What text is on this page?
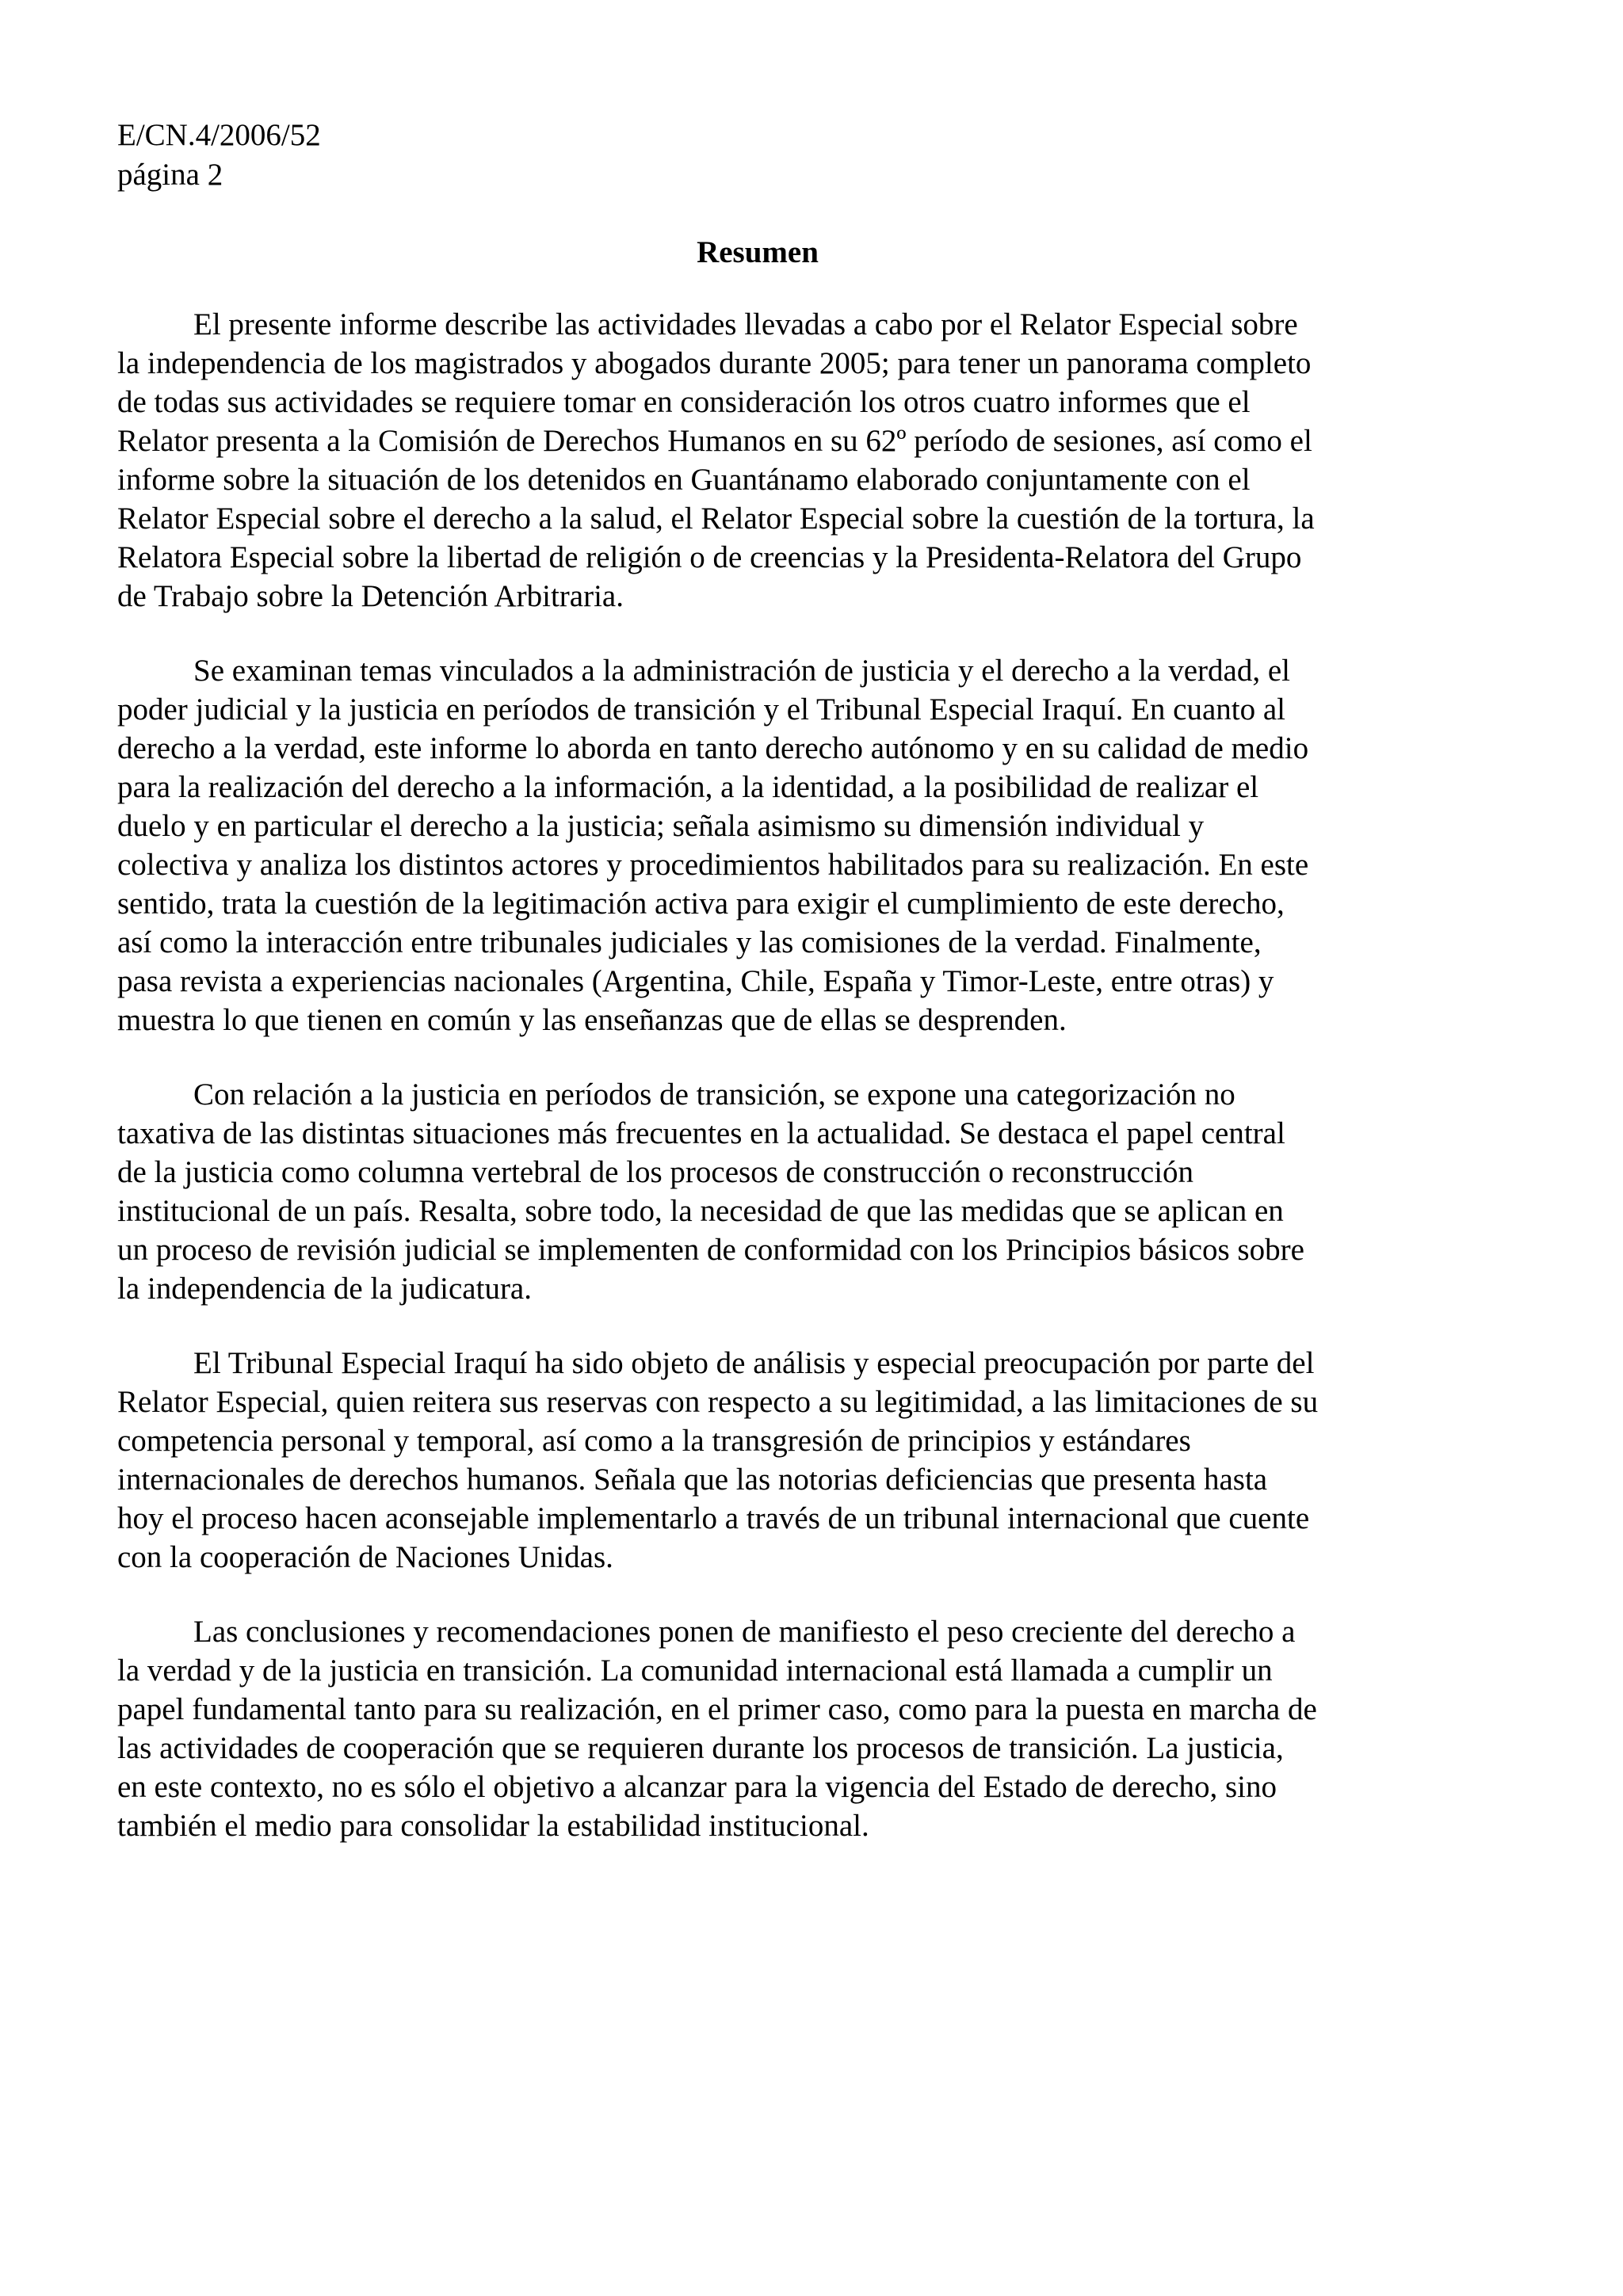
E/CN.4/2006/52
página 2
Resumen

El presente informe describe las actividades llevadas a cabo por el Relator Especial sobre
la independencia de los magistrados y abogados durante 2005; para tener un panorama completo
de todas sus actividades se requiere tomar en consideración los otros cuatro informes que el
Relator presenta a la Comisión de Derechos Humanos en su 62º período de sesiones, así como el
informe sobre la situación de los detenidos en Guantánamo elaborado conjuntamente con el
Relator Especial sobre el derecho a la salud, el Relator Especial sobre la cuestión de la tortura, la
Relatora Especial sobre la libertad de religión o de creencias y la Presidenta-Relatora del Grupo
de Trabajo sobre la Detención Arbitraria.

Se examinan temas vinculados a la administración de justicia y el derecho a la verdad, el
poder judicial y la justicia en períodos de transición y el Tribunal Especial Iraquí. En cuanto al
derecho a la verdad, este informe lo aborda en tanto derecho autónomo y en su calidad de medio
para la realización del derecho a la información, a la identidad, a la posibilidad de realizar el
duelo y en particular el derecho a la justicia; señala asimismo su dimensión individual y
colectiva y analiza los distintos actores y procedimientos habilitados para su realización. En este
sentido, trata la cuestión de la legitimación activa para exigir el cumplimiento de este derecho,
así como la interacción entre tribunales judiciales y las comisiones de la verdad. Finalmente,
pasa revista a experiencias nacionales (Argentina, Chile, España y Timor-Leste, entre otras) y
muestra lo que tienen en común y las enseñanzas que de ellas se desprenden.

Con relación a la justicia en períodos de transición, se expone una categorización no
taxativa de las distintas situaciones más frecuentes en la actualidad. Se destaca el papel central
de la justicia como columna vertebral de los procesos de construcción o reconstrucción
institucional de un país. Resalta, sobre todo, la necesidad de que las medidas que se aplican en
un proceso de revisión judicial se implementen de conformidad con los Principios básicos sobre
la independencia de la judicatura.

El Tribunal Especial Iraquí ha sido objeto de análisis y especial preocupación por parte del
Relator Especial, quien reitera sus reservas con respecto a su legitimidad, a las limitaciones de su
competencia personal y temporal, así como a la transgresión de principios y estándares
internacionales de derechos humanos. Señala que las notorias deficiencias que presenta hasta
hoy el proceso hacen aconsejable implementarlo a través de un tribunal internacional que cuente
con la cooperación de Naciones Unidas.

Las conclusiones y recomendaciones ponen de manifiesto el peso creciente del derecho a
la verdad y de la justicia en transición. La comunidad internacional está llamada a cumplir un
papel fundamental tanto para su realización, en el primer caso, como para la puesta en marcha de
las actividades de cooperación que se requieren durante los procesos de transición. La justicia,
en este contexto, no es sólo el objetivo a alcanzar para la vigencia del Estado de derecho, sino
también el medio para consolidar la estabilidad institucional.
